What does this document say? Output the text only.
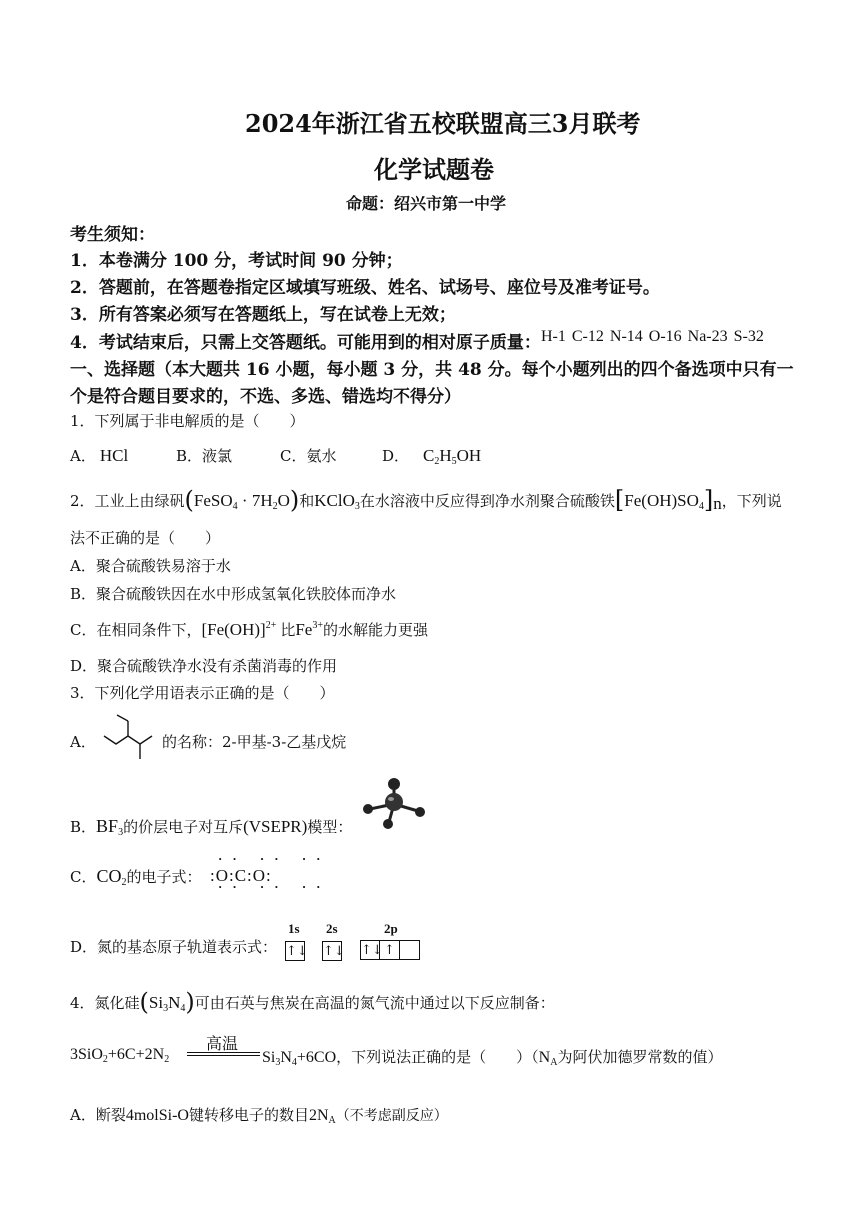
2024年浙江省五校联盟高三3月联考
化学试题卷
命题：绍兴市第一中学
考生须知：
1．本卷满分 100 分，考试时间 90 分钟；
2．答题前，在答题卷指定区域填写班级、姓名、试场号、座位号及准考证号。
3．所有答案必须写在答题纸上，写在试卷上无效；
4．考试结束后，只需上交答题纸。可能用到的相对原子质量： H-1 C-12 N-14 O-16 Na-23 S-32
一、选择题（本大题共 16 小题，每小题 3 分，共 48 分。每个小题列出的四个备选项中只有一
个是符合题目要求的，不选、多选、错选均不得分）
1．下列属于非电解质的是（　　）
A． HCl	B．液氯	C．氨水	D． $C_2H_5OH$
2．工业上由绿矾(FeSO$_4$ · $7H_2O$)和KClO$_3$在水溶液中反应得到净水剂聚合硫酸铁$[Fe(OH)SO_4]_n$，下列说
法不正确的是（　　）
A．聚合硫酸铁易溶于水
B．聚合硫酸铁因在水中形成氢氧化铁胶体而净水
C．在相同条件下，$[Fe(OH)]^{2+}$ 比$Fe^{3+}$的水解能力更强
D．聚合硫酸铁净水没有杀菌消毒的作用
3．下列化学用语表示正确的是（　　）
A．	的名称：2-甲基-3-乙基戊烷
B．$BF_3$的价层电子对互斥(VSEPR)模型：
C．$CO_2$的电子式： :O:C:O:
·· ·· ··
·· ·· ··
D．氮的基态原子轨道表示式：
1s 2s	2p
↑↓ ↑↓ ↑↓ ↑
4．氮化硅$(Si_3N_4)$可由石英与焦炭在高温的氮气流中通过以下反应制备：
$3SiO_2+6C+2N_2$
高温
$Si_3N_4+6CO$，下列说法正确的是（　　）（$N_A$为阿伏加德罗常数的值）
A．断裂4molSi-O键转移电子的数目$2N_A$（不考虑副反应）
